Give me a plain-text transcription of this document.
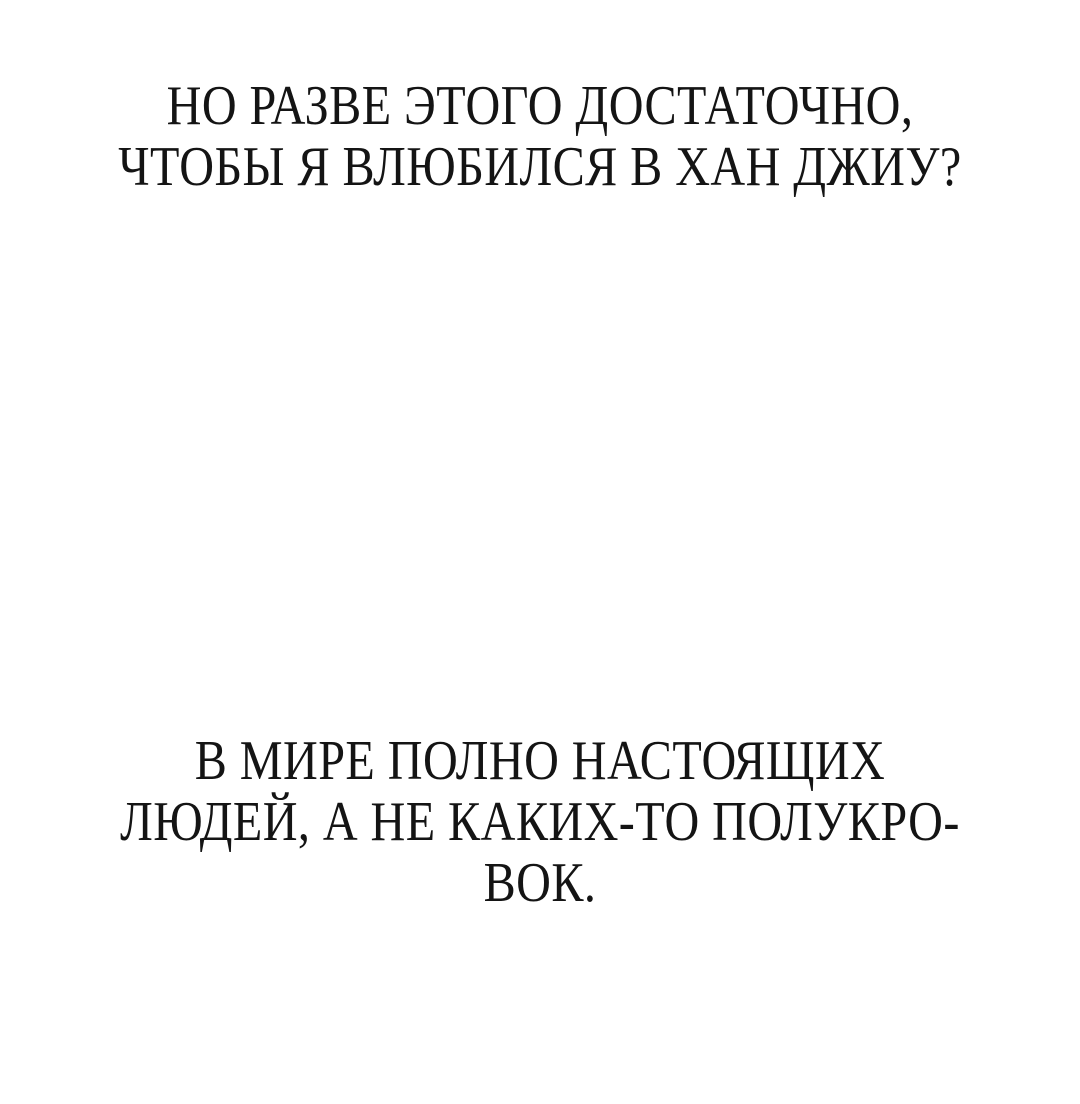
НО РАЗВЕ ЭТОГО ДОСТАТОЧНО,
ЧТОБЫ Я ВЛЮБИЛСЯ В ХАН ДЖИУ?
В МИРЕ ПОЛНО НАСТОЯЩИХ
ЛЮДЕЙ, А НЕ КАКИХ-ТО ПОЛУКРО-
ВОК.
